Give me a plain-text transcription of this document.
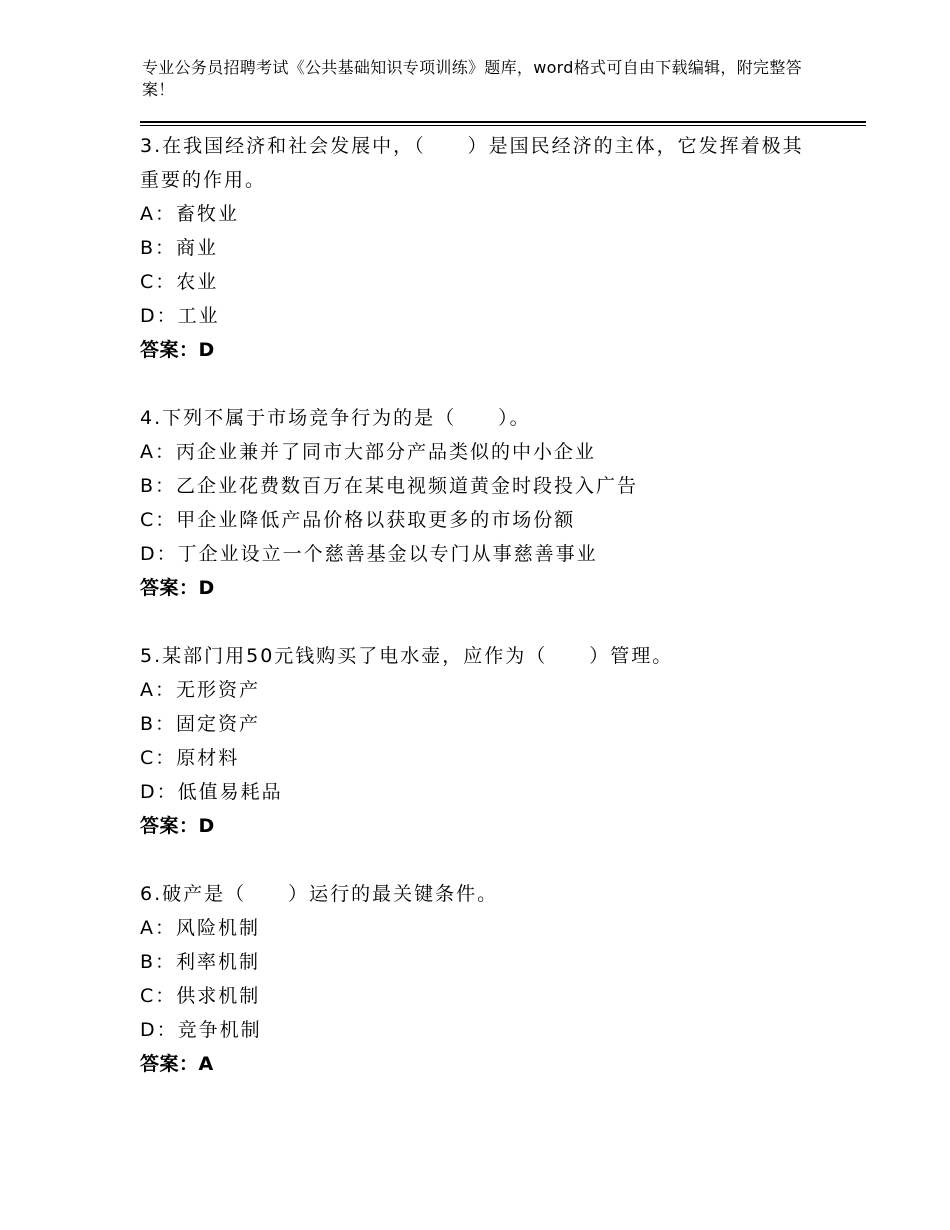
专业公务员招聘考试《公共基础知识专项训练》题库，word格式可自由下载编辑，附完整答案！
3.在我国经济和社会发展中，（　　）是国民经济的主体，它发挥着极其重要的作用。
A：畜牧业
B：商业
C：农业
D：工业
答案：D
4.下列不属于市场竞争行为的是（　　）。
A：丙企业兼并了同市大部分产品类似的中小企业
B：乙企业花费数百万在某电视频道黄金时段投入广告
C：甲企业降低产品价格以获取更多的市场份额
D：丁企业设立一个慈善基金以专门从事慈善事业
答案：D
5.某部门用50元钱购买了电水壶，应作为（　　）管理。
A：无形资产
B：固定资产
C：原材料
D：低值易耗品
答案：D
6.破产是（　　）运行的最关键条件。
A：风险机制
B：利率机制
C：供求机制
D：竞争机制
答案：A
